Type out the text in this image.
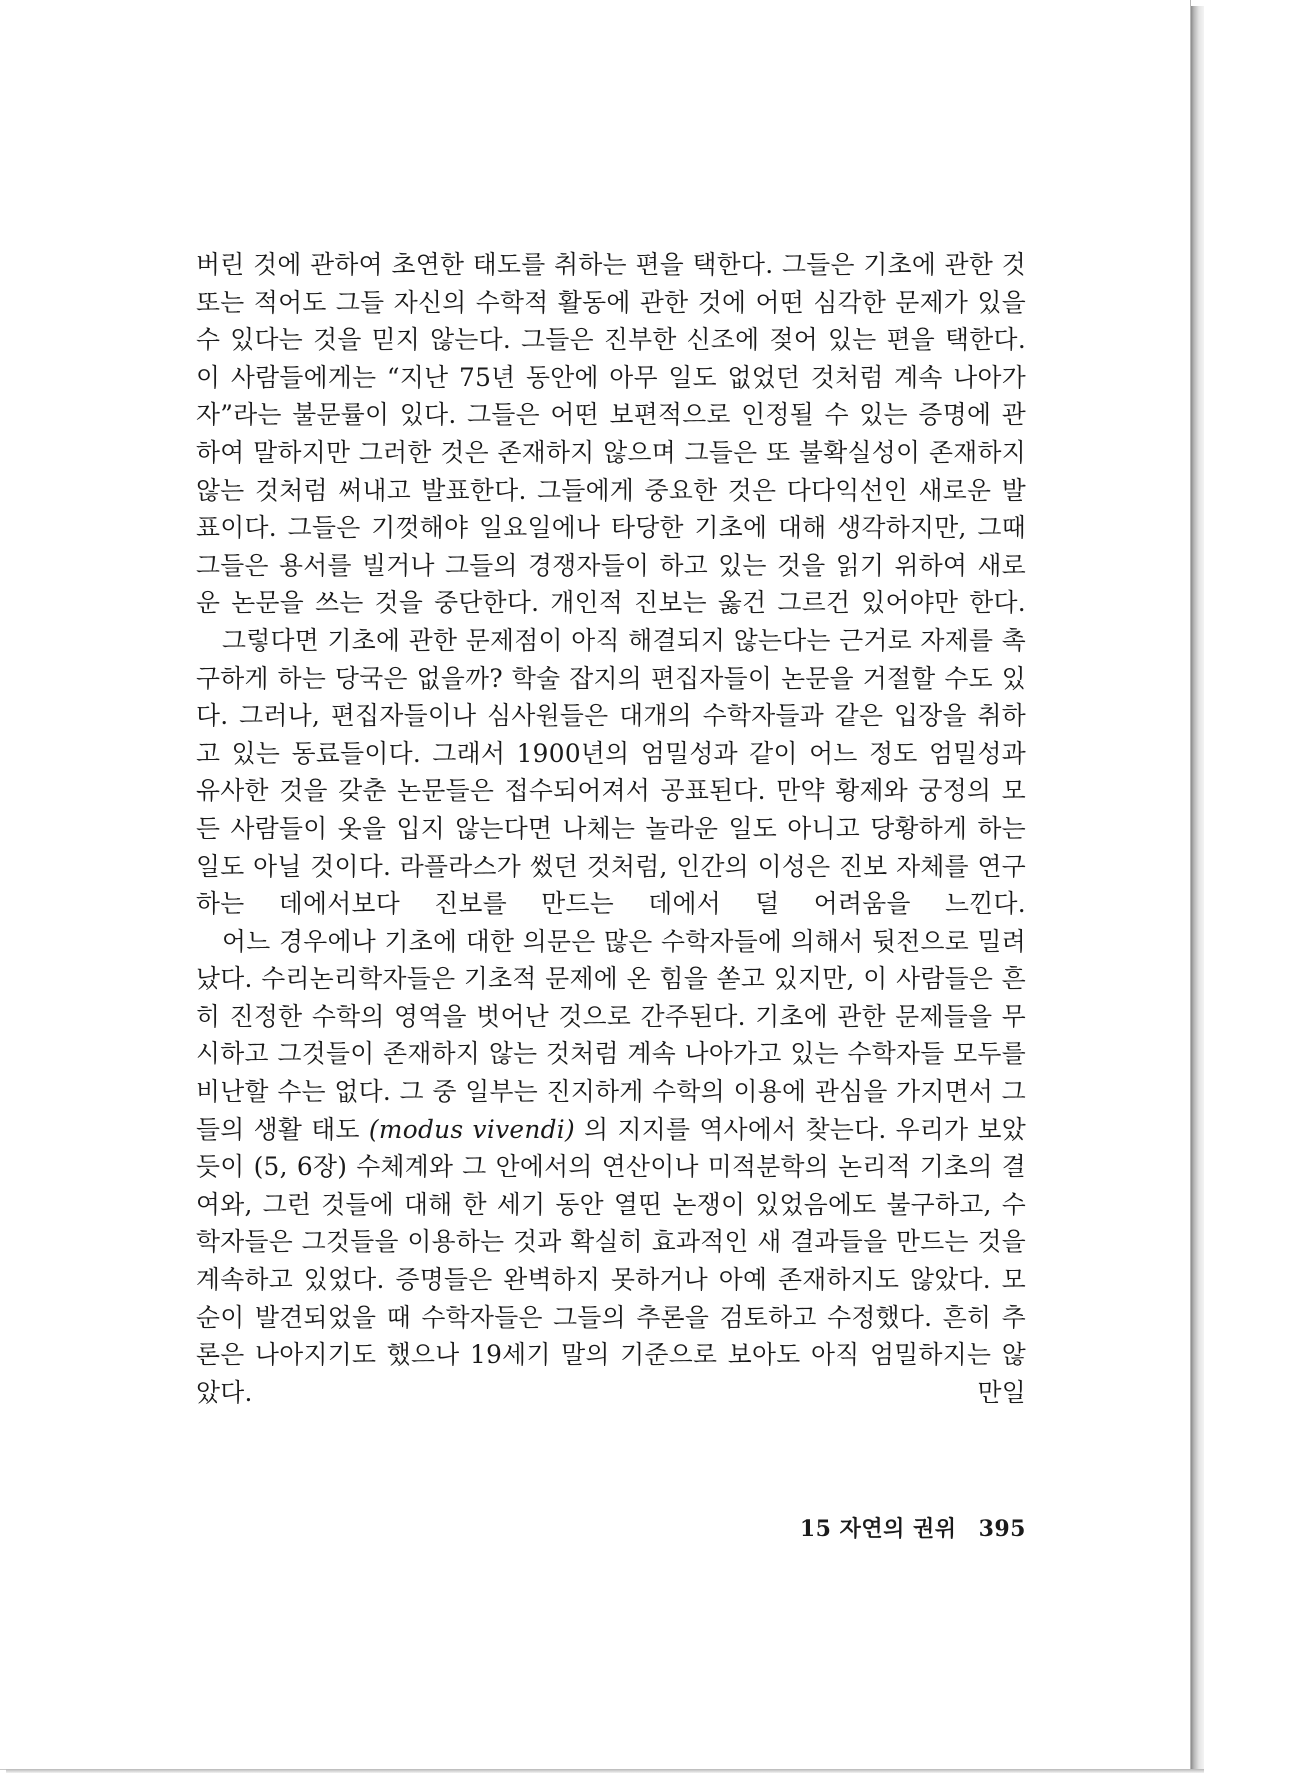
버린 것에 관하여 초연한 태도를 취하는 편을 택한다. 그들은 기초에 관한 것 또는 적어도 그들 자신의 수학적 활동에 관한 것에 어떤 심각한 문제가 있을 수 있다는 것을 믿지 않는다. 그들은 진부한 신조에 젖어 있는 편을 택한다. 이 사람들에게는 “지난 75년 동안에 아무 일도 없었던 것처럼 계속 나아가자”라는 불문률이 있다. 그들은 어떤 보편적으로 인정될 수 있는 증명에 관하여 말하지만 그러한 것은 존재하지 않으며 그들은 또 불확실성이 존재하지 않는 것처럼 써내고 발표한다. 그들에게 중요한 것은 다다익선인 새로운 발표이다. 그들은 기껏해야 일요일에나 타당한 기초에 대해 생각하지만, 그때 그들은 용서를 빌거나 그들의 경쟁자들이 하고 있는 것을 읽기 위하여 새로운 논문을 쓰는 것을 중단한다. 개인적 진보는 옳건 그르건 있어야만 한다.

그렇다면 기초에 관한 문제점이 아직 해결되지 않는다는 근거로 자제를 촉구하게 하는 당국은 없을까? 학술 잡지의 편집자들이 논문을 거절할 수도 있다. 그러나, 편집자들이나 심사원들은 대개의 수학자들과 같은 입장을 취하고 있는 동료들이다. 그래서 1900년의 엄밀성과 같이 어느 정도 엄밀성과 유사한 것을 갖춘 논문들은 접수되어져서 공표된다. 만약 황제와 궁정의 모든 사람들이 옷을 입지 않는다면 나체는 놀라운 일도 아니고 당황하게 하는 일도 아닐 것이다. 라플라스가 썼던 것처럼, 인간의 이성은 진보 자체를 연구하는 데에서보다 진보를 만드는 데에서 덜 어려움을 느낀다.

어느 경우에나 기초에 대한 의문은 많은 수학자들에 의해서 뒷전으로 밀려났다. 수리논리학자들은 기초적 문제에 온 힘을 쏟고 있지만, 이 사람들은 흔히 진정한 수학의 영역을 벗어난 것으로 간주된다. 기초에 관한 문제들을 무시하고 그것들이 존재하지 않는 것처럼 계속 나아가고 있는 수학자들 모두를 비난할 수는 없다. 그 중 일부는 진지하게 수학의 이용에 관심을 가지면서 그들의 생활 태도 (modus vivendi) 의 지지를 역사에서 찾는다. 우리가 보았듯이 (5, 6장) 수체계와 그 안에서의 연산이나 미적분학의 논리적 기초의 결여와, 그런 것들에 대해 한 세기 동안 열띤 논쟁이 있었음에도 불구하고, 수학자들은 그것들을 이용하는 것과 확실히 효과적인 새 결과들을 만드는 것을 계속하고 있었다. 증명들은 완벽하지 못하거나 아예 존재하지도 않았다. 모순이 발견되었을 때 수학자들은 그들의 추론을 검토하고 수정했다. 흔히 추론은 나아지기도 했으나 19세기 말의 기준으로 보아도 아직 엄밀하지는 않았다. 만일

15 자연의 권위 395
